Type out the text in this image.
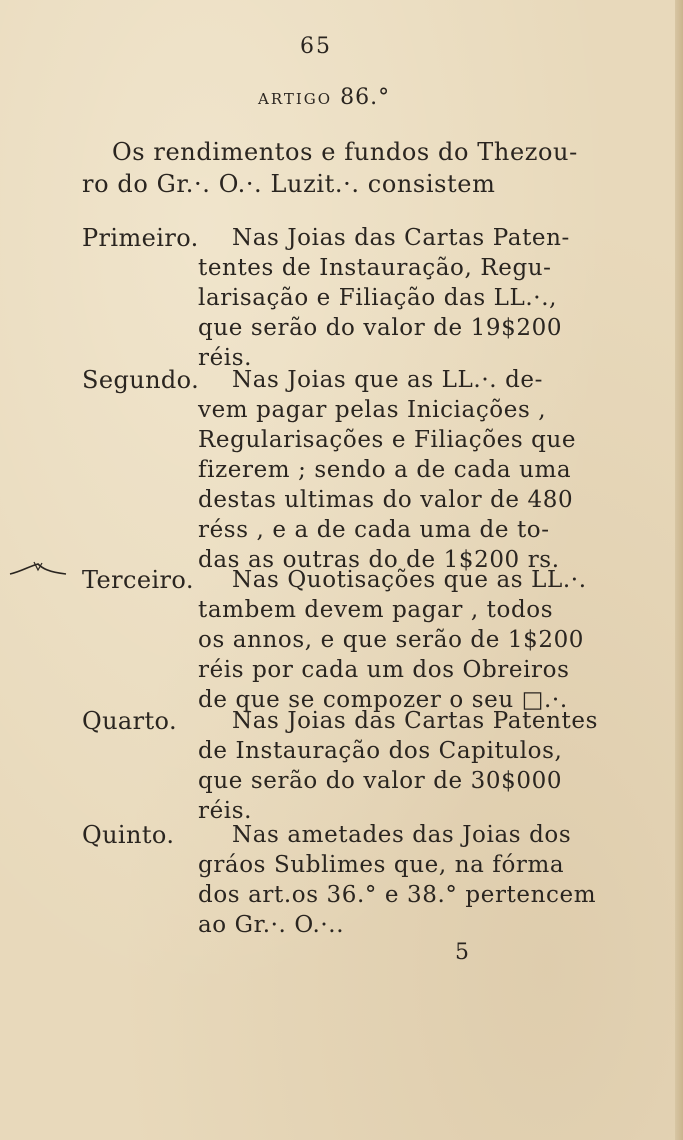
65
ARTIGO 86.°
Os rendimentos e fundos do Thezou-
ro do Gr.·. O.·. Luzit.·. consistem
Primeiro.	Nas Joias das Cartas Paten-
tentes de Instauração, Regu-
larisação e Filiação das LL.·.,
que serão do valor de 19$200
réis.
Segundo.	Nas Joias que as LL.·. de-
vem pagar pelas Iniciações ,
Regularisações e Filiações que
fizerem ; sendo a de cada uma
destas ultimas do valor de 480
réss , e a de cada uma de to-
das as outras do de 1$200 rs.
Terceiro.	Nas Quotisações que as LL.·.
tambem devem pagar , todos
os annos, e que serão de 1$200
réis por cada um dos Obreiros
de que se compozer o seu □.·.
Quarto.	Nas Joias das Cartas Patentes
de Instauração dos Capitulos,
que serão do valor de 30$000
réis.
Quinto.	Nas ametades das Joias dos
gráos Sublimes que, na fórma
dos art.os 36.° e 38.° pertencem
ao Gr.·. O.·..
5
